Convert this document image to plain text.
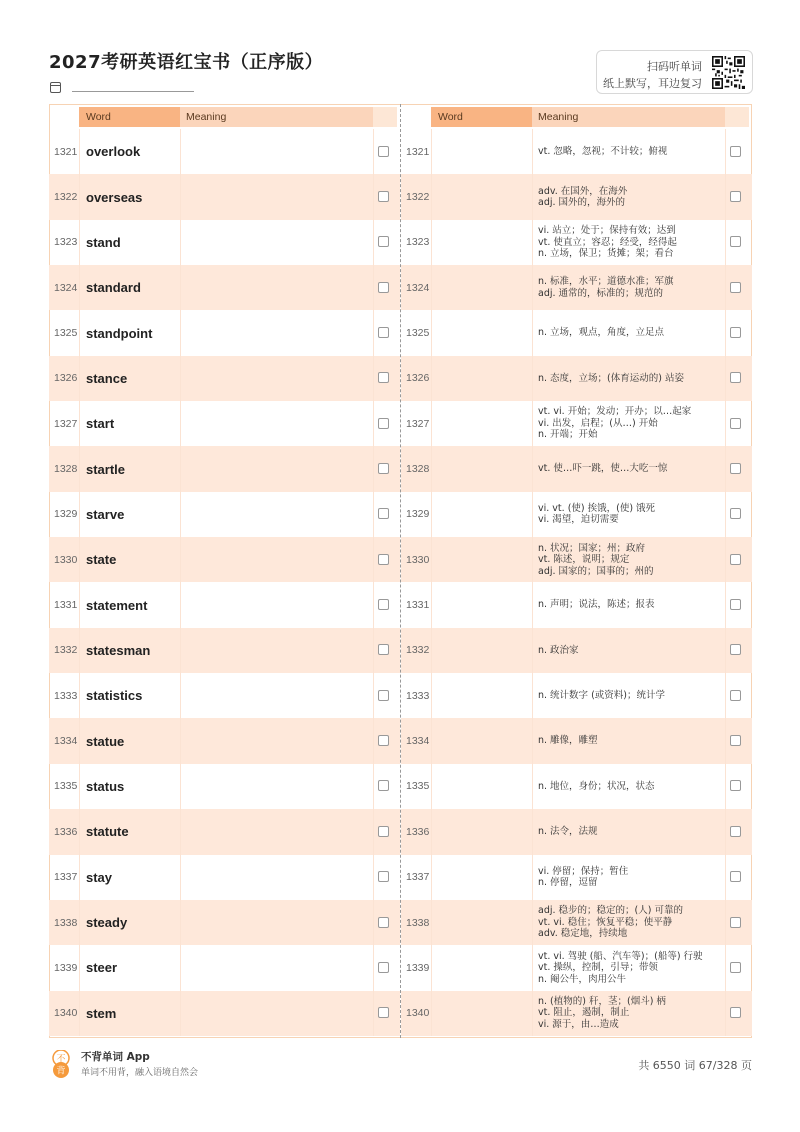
2027考研英语红宝书（正序版）	扫码听单词
纸上默写，耳边复习
Word	Meaning
1321 overlook
1322 overseas
1323 stand
1324 standard
1325 standpoint
1326 stance
1327 start
1328 startle
1329 starve
1330 state
1331 statement
1332 statesman
1333 statistics
1334 statue
1335 status
1336 statute
1337 stay
1338 steady
1339 steer
1340 stem
Word	Meaning
1321	vt. 忽略，忽视；不计较；俯视
1322	adv. 在国外，在海外
adj. 国外的，海外的
1323
vi. 站立；处于；保持有效；达到
vt. 使直立；容忍；经受，经得起
n. 立场，保卫；货摊；架；看台
1324	n. 标准，水平；道德水准；军旗
adj. 通常的，标准的；规范的
1325	n. 立场，观点，角度，立足点
1326	n. 态度，立场；(体育运动的) 站姿
1327
vt. vi. 开始；发动；开办；以…起家
vi. 出发，启程；(从…) 开始
n. 开端；开始
1328	vt. 使…吓一跳，使…大吃一惊
1329	vi. vt. (使) 挨饿，(使) 饿死
vi. 渴望，迫切需要
1330
n. 状况；国家；州；政府
vt. 陈述，说明；规定
adj. 国家的；国事的；州的
1331	n. 声明；说法，陈述；报表
1332	n. 政治家
1333	n. 统计数字 (或资料)；统计学
1334	n. 雕像，雕塑
1335	n. 地位，身份；状况，状态
1336	n. 法令，法规
1337	vi. 停留；保持；暂住
n. 停留，逗留
1338
adj. 稳步的；稳定的；(人) 可靠的
vt. vi. 稳住；恢复平稳；使平静
adv. 稳定地，持续地
1339
vt. vi. 驾驶 (船、汽车等)；(船等) 行驶
vt. 操纵，控制，引导；带领
n. 阉公牛，肉用公牛
1340
n. (植物的) 秆，茎；(烟斗) 柄
vt. 阻止，遏制，制止
vi. 源于，由…造成
不
背
不背单词 App
单词不用背，融入语境自然会
共 6550 词 67/328 页
